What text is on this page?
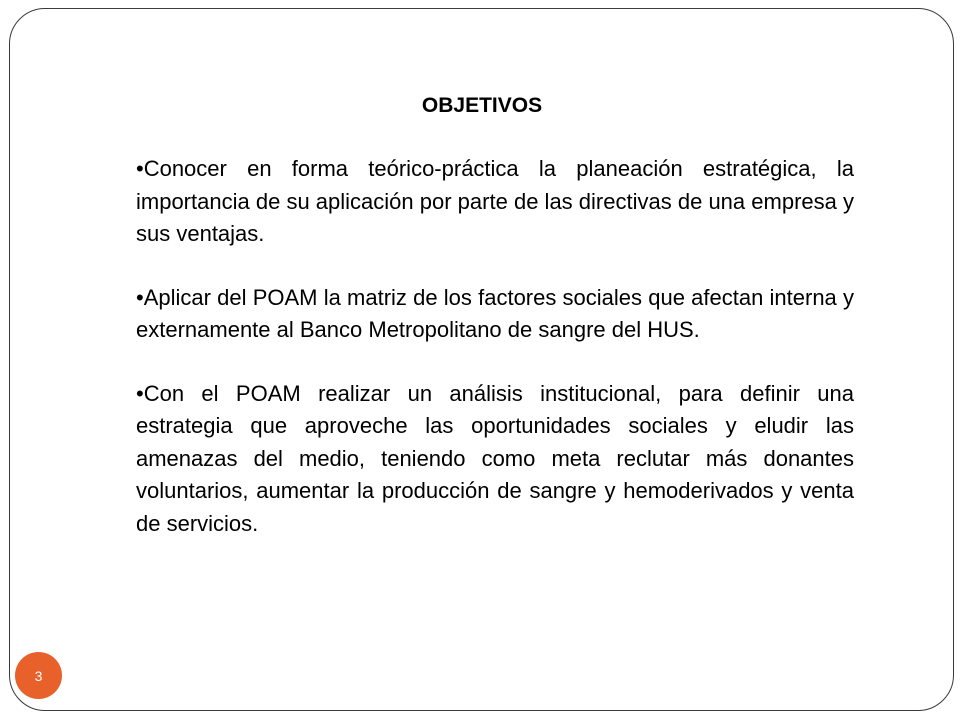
OBJETIVOS

•Conocer en forma teórico-práctica la planeación estratégica, la importancia de su aplicación por parte de las directivas de una empresa y sus ventajas.

•Aplicar del POAM la matriz de los factores sociales que afectan interna y externamente al Banco Metropolitano de sangre del HUS.

•Con el POAM realizar un análisis institucional, para definir una estrategia que aproveche las oportunidades sociales y eludir las amenazas del medio, teniendo como meta reclutar más donantes voluntarios, aumentar la producción de sangre y hemoderivados y venta de servicios.

3
